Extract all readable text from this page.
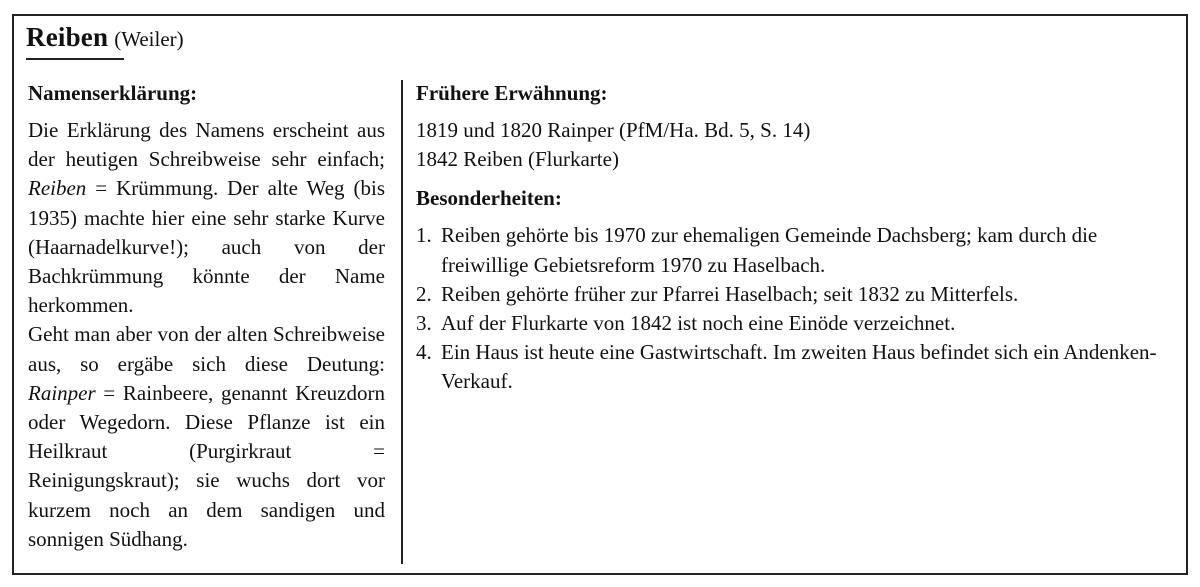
Reiben (Weiler)
Namenserklärung:

Die Erklärung des Namens erscheint aus der heutigen Schreibweise sehr einfach; Reiben = Krümmung. Der alte Weg (bis 1935) machte hier eine sehr starke Kurve (Haarnadelkurve!); auch von der Bachkrümmung könnte der Name herkommen.

Geht man aber von der alten Schreibweise aus, so ergäbe sich diese Deutung: Rainper = Rainbeere, genannt Kreuzdorn oder Wegedorn. Diese Pflanze ist ein Heilkraut (Purgirkraut = Reinigungskraut); sie wuchs dort vor kurzem noch an dem sandigen und sonnigen Südhang.

Frühere Erwähnung:
1819 und 1820 Rainper (PfM/Ha. Bd. 5, S. 14)
1842 Reiben (Flurkarte)
Besonderheiten:
1. Reiben gehörte bis 1970 zur ehemaligen Gemeinde Dachsberg; kam durch die freiwillige Gebietsreform 1970 zu Haselbach.
2. Reiben gehörte früher zur Pfarrei Haselbach; seit 1832 zu Mitterfels.
3. Auf der Flurkarte von 1842 ist noch eine Einöde verzeichnet.
4. Ein Haus ist heute eine Gastwirtschaft. Im zweiten Haus befindet sich ein Andenken-Verkauf.
